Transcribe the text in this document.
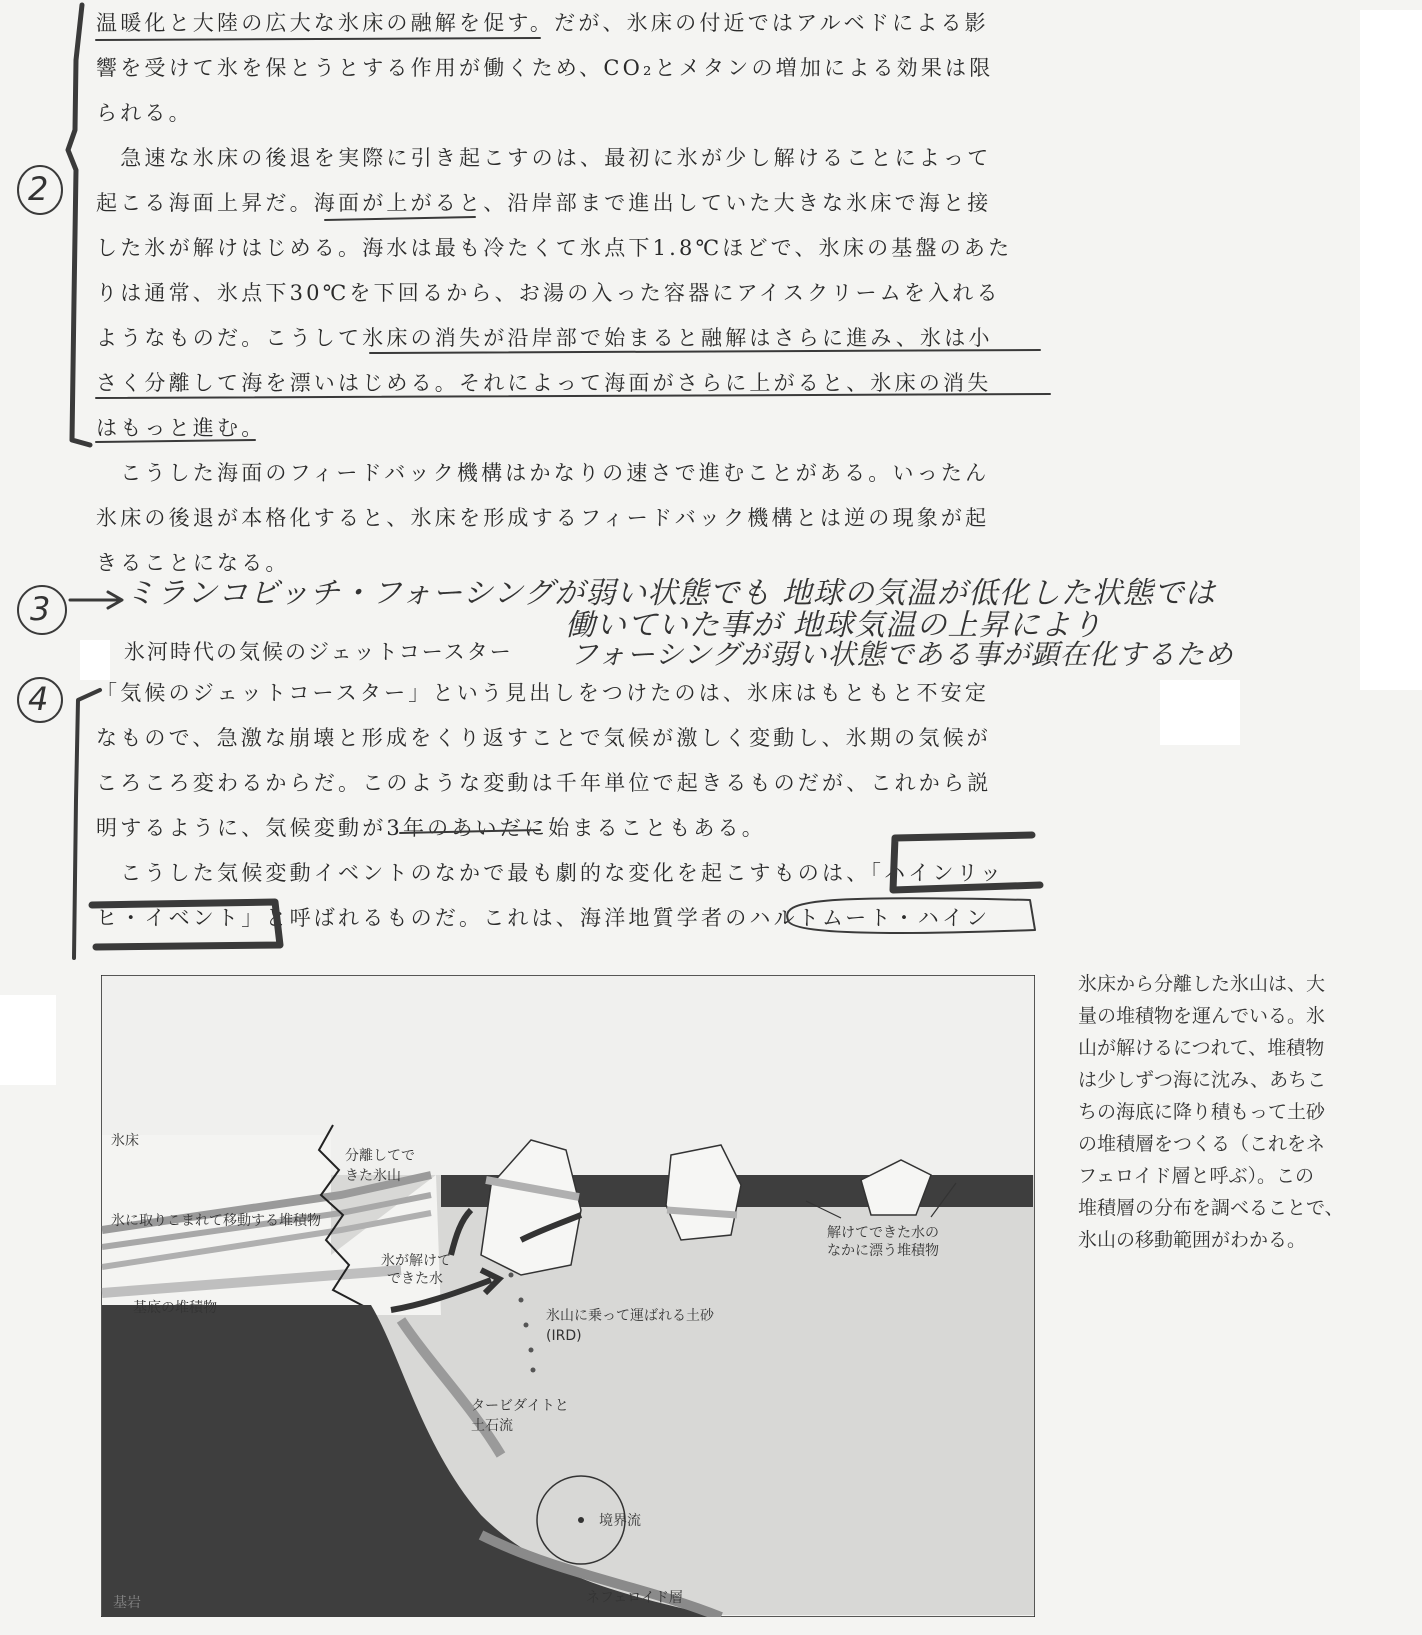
温暖化と大陸の広大な氷床の融解を促す。だが、氷床の付近ではアルベドによる影
響を受けて氷を保とうとする作用が働くため、CO₂とメタンの増加による効果は限
られる。
　急速な氷床の後退を実際に引き起こすのは、最初に氷が少し解けることによって
起こる海面上昇だ。海面が上がると、沿岸部まで進出していた大きな氷床で海と接
した氷が解けはじめる。海水は最も冷たくて氷点下1.8℃ほどで、氷床の基盤のあた
りは通常、氷点下30℃を下回るから、お湯の入った容器にアイスクリームを入れる
ようなものだ。こうして氷床の消失が沿岸部で始まると融解はさらに進み、氷は小
さく分離して海を漂いはじめる。それによって海面がさらに上がると、氷床の消失
はもっと進む。
　こうした海面のフィードバック機構はかなりの速さで進むことがある。いったん
氷床の後退が本格化すると、氷床を形成するフィードバック機構とは逆の現象が起
きることになる。
氷河時代の気候のジェットコースター
「気候のジェットコースター」という見出しをつけたのは、氷床はもともと不安定
なもので、急激な崩壊と形成をくり返すことで気候が激しく変動し、氷期の気候が
ころころ変わるからだ。このような変動は千年単位で起きるものだが、これから説
明するように、気候変動が3年のあいだに始まることもある。
　こうした気候変動イベントのなかで最も劇的な変化を起こすものは、「ハインリッ
ヒ・イベント」と呼ばれるものだ。これは、海洋地質学者のハルトムート・ハイン
2
3
4
ミランコビッチ・フォーシングが弱い状態でも 地球の気温が低化した状態では
働いていた事が 地球気温の上昇により
フォーシングが弱い状態である事が顕在化するため
氷床
分離してで
きた氷山
氷に取りこまれて移動する堆積物
氷が解けて
できた水
基底の堆積物	氷山に乗って運ばれる土砂
(IRD)
解けてできた水の
なかに漂う堆積物
タービダイトと
土石流
境界流
基岩	ネフェロイド層
氷床から分離した氷山は、大
量の堆積物を運んでいる。氷
山が解けるにつれて、堆積物
は少しずつ海に沈み、あちこ
ちの海底に降り積もって土砂
の堆積層をつくる（これをネ
フェロイド層と呼ぶ）。この
堆積層の分布を調べることで、
氷山の移動範囲がわかる。
